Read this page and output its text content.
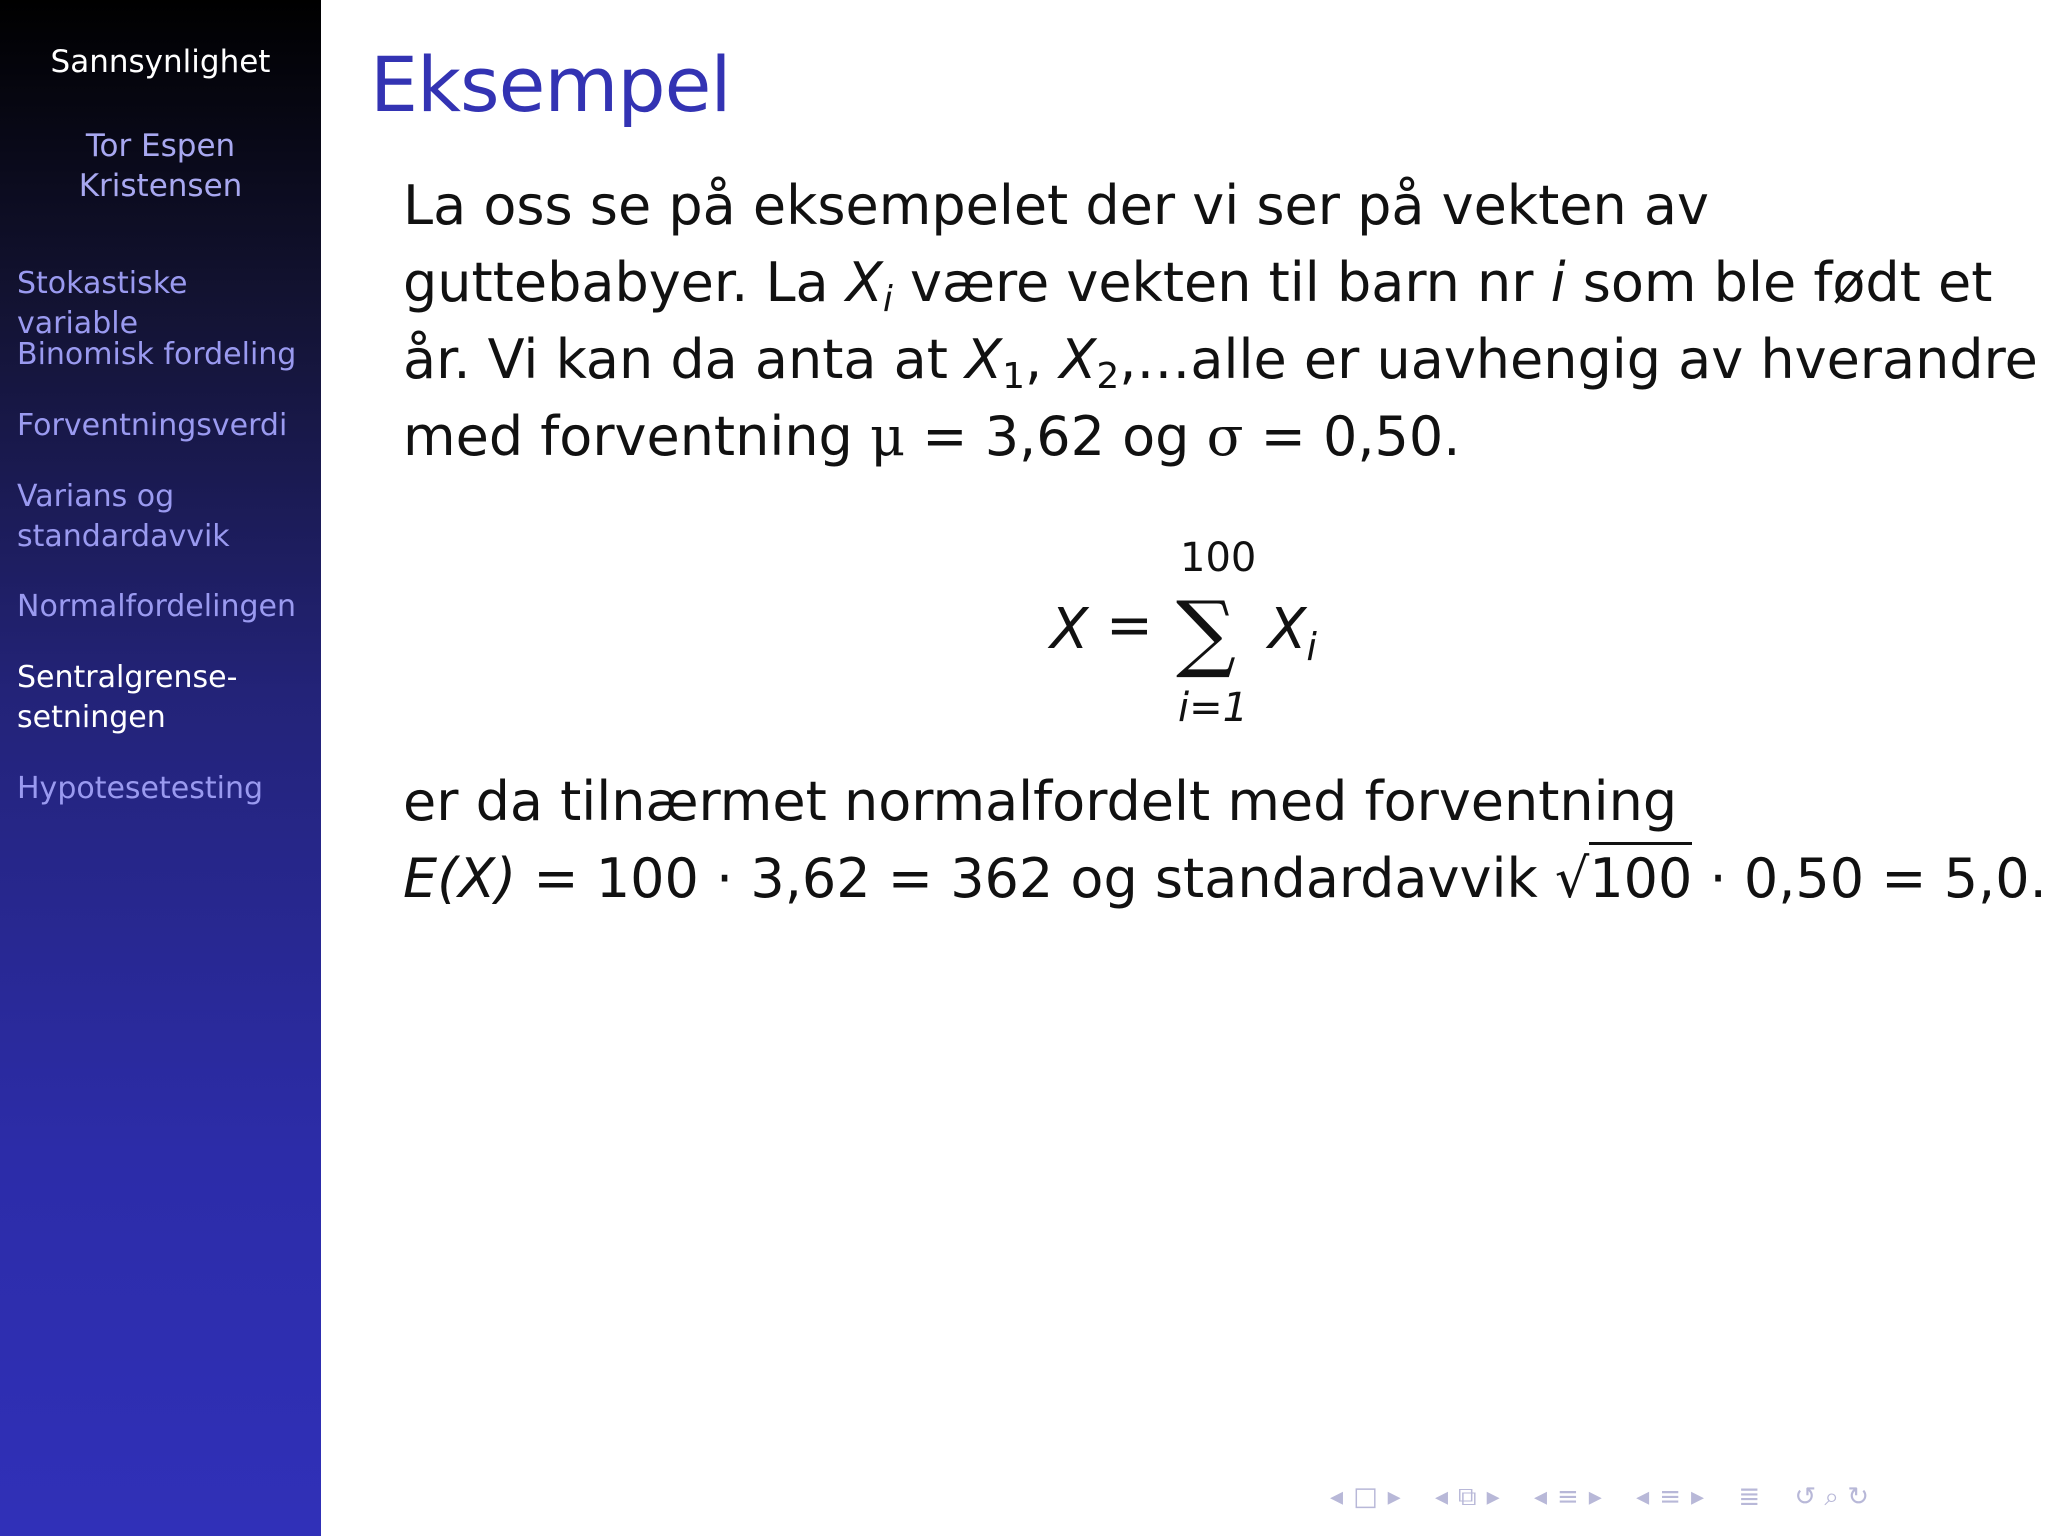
Sannsynlighet
Tor Espen
Kristensen
Stokastiske variable
Binomisk fordeling
Forventningsverdi
Varians og
standardavvik
Normalfordelingen
Sentralgrense-
setningen
Hypotesetesting
Eksempel
La oss se på eksempelet der vi ser på vekten av
guttebabyer. La $X_i$ være vekten til barn nr i som ble født et
år. Vi kan da anta at $X_1$, $X_2,\dots alle$ er uavhengig av hverandre
med forventning μ = 3,62 og σ = 0,50.
100
X = ∑ $X_i$
i=1
er da tilnærmet normalfordelt med forventning
E(X) = 100 · 3,62 = 362 og standardavvik √100 · 0,50 = 5,0.
◂ □ ▸ ◂ ⧉ ▸ ◂ ≡ ▸ ◂ ≡ ▸ ≣ ↺ ⌕ ↻
